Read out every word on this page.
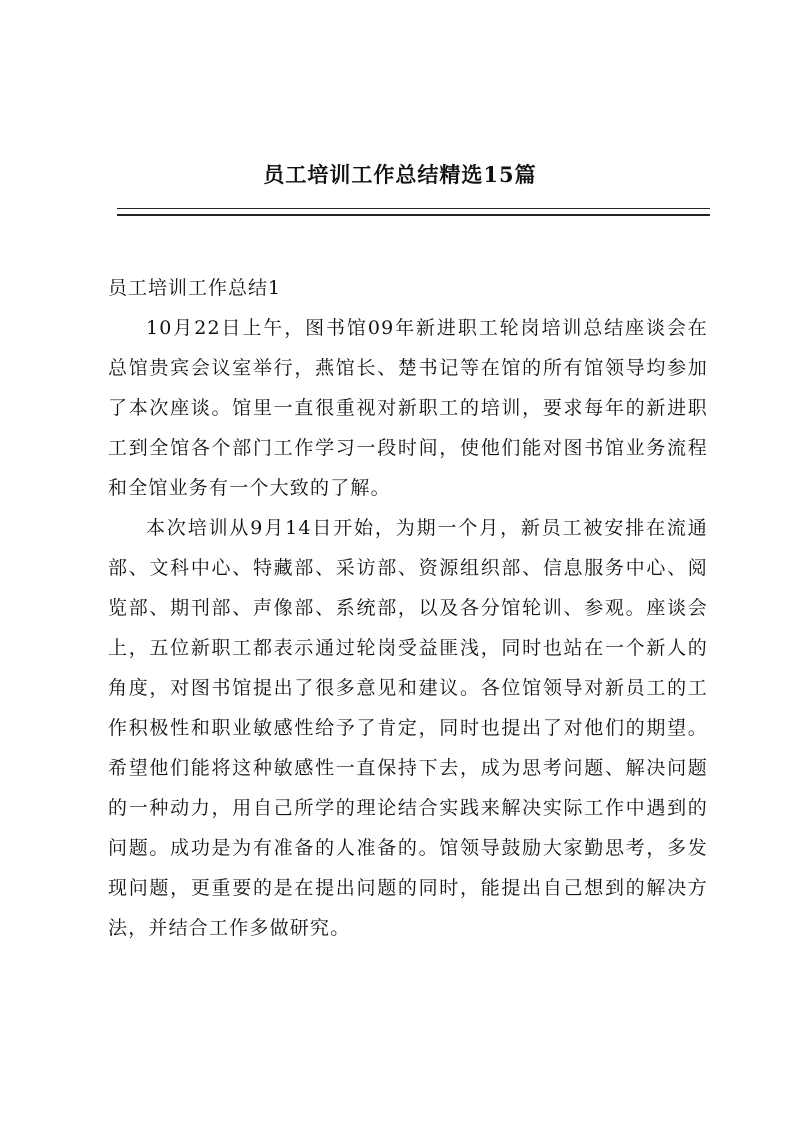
员工培训工作总结精选15篇

员工培训工作总结1

10月22日上午，图书馆09年新进职工轮岗培训总结座谈会在总馆贵宾会议室举行，燕馆长、楚书记等在馆的所有馆领导均参加了本次座谈。馆里一直很重视对新职工的培训，要求每年的新进职工到全馆各个部门工作学习一段时间，使他们能对图书馆业务流程和全馆业务有一个大致的了解。

本次培训从9月14日开始，为期一个月，新员工被安排在流通部、文科中心、特藏部、采访部、资源组织部、信息服务中心、阅览部、期刊部、声像部、系统部，以及各分馆轮训、参观。座谈会上，五位新职工都表示通过轮岗受益匪浅，同时也站在一个新人的角度，对图书馆提出了很多意见和建议。各位馆领导对新员工的工作积极性和职业敏感性给予了肯定，同时也提出了对他们的期望。希望他们能将这种敏感性一直保持下去，成为思考问题、解决问题的一种动力，用自己所学的理论结合实践来解决实际工作中遇到的问题。成功是为有准备的人准备的。馆领导鼓励大家勤思考，多发现问题，更重要的是在提出问题的同时，能提出自己想到的解决方法，并结合工作多做研究。
